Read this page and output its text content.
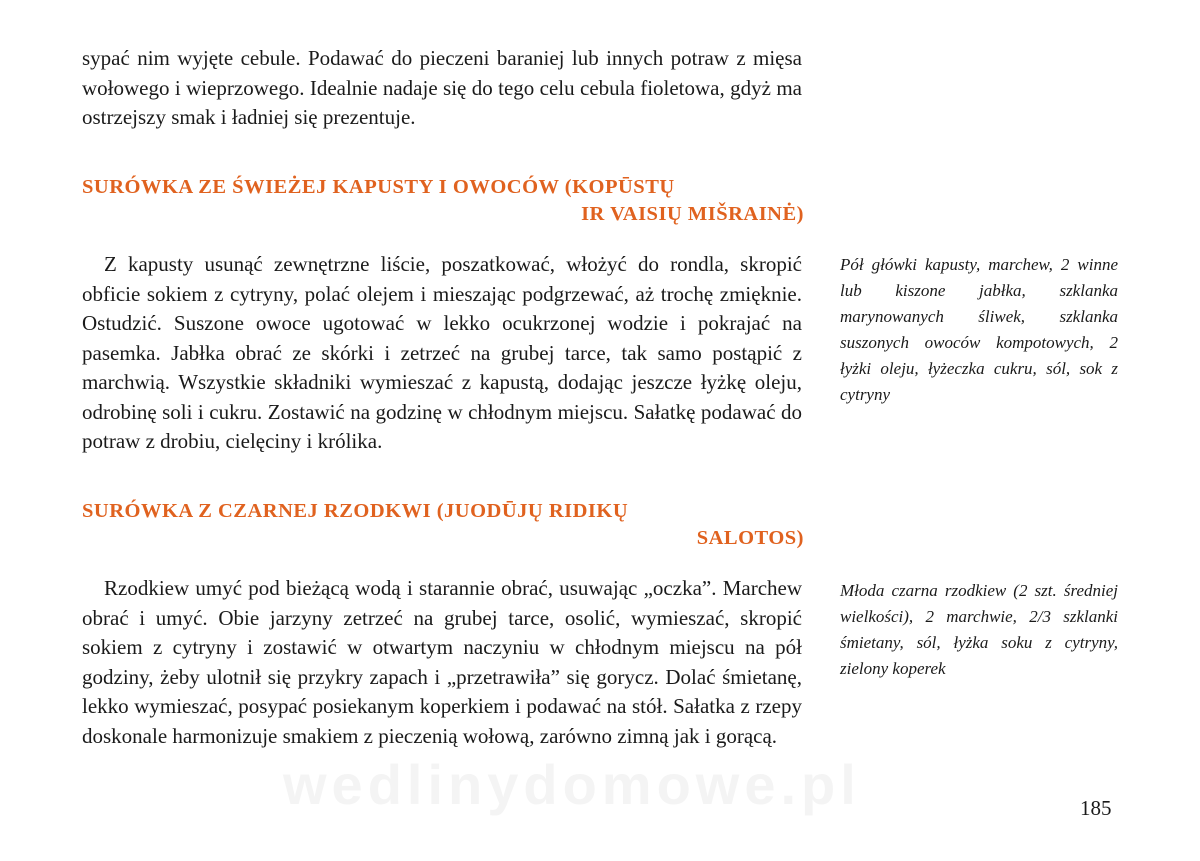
sypać nim wyjęte cebule. Podawać do pieczeni baraniej lub innych potraw z mięsa wołowego i wieprzowego. Idealnie nadaje się do tego celu cebula fioletowa, gdyż ma ostrzejszy smak i ładniej się prezentuje.

SURÓWKA ZE ŚWIEŻEJ KAPUSTY I OWOCÓW (KOPŪSTŲ
IR VAISIŲ MIŠRAINĖ)

Z kapusty usunąć zewnętrzne liście, poszatkować, włożyć do rondla, skropić obficie sokiem z cytryny, polać olejem i mieszając podgrzewać, aż trochę zmięknie. Ostudzić. Suszone owoce ugotować w lekko ocukrzonej wodzie i pokrajać na pasemka. Jabłka obrać ze skórki i zetrzeć na grubej tarce, tak samo postąpić z marchwią. Wszystkie składniki wymieszać z kapustą, dodając jeszcze łyżkę oleju, odrobinę soli i cukru. Zostawić na godzinę w chłodnym miejscu. Sałatkę podawać do potraw z drobiu, cielęciny i królika.

Pół główki kapusty, marchew, 2 winne lub kiszone jabłka, szklanka marynowanych śliwek, szklanka suszonych owoców kompotowych, 2 łyżki oleju, łyżeczka cukru, sól, sok z cytryny

SURÓWKA Z CZARNEJ RZODKWI (JUODŪJŲ RIDIKŲ
SALOTOS)

Rzodkiew umyć pod bieżącą wodą i starannie obrać, usuwając „oczka”. Marchew obrać i umyć. Obie jarzyny zetrzeć na grubej tarce, osolić, wymieszać, skropić sokiem z cytryny i zostawić w otwartym naczyniu w chłodnym miejscu na pół godziny, żeby ulotnił się przykry zapach i „przetrawiła” się gorycz. Dolać śmietanę, lekko wymieszać, posypać posiekanym koperkiem i podawać na stół. Sałatka z rzepy doskonale harmonizuje smakiem z pieczenią wołową, zarówno zimną jak i gorącą.

Młoda czarna rzodkiew (2 szt. średniej wielkości), 2 marchwie, 2/3 szklanki śmietany, sól, łyżka soku z cytryny, zielony koperek

wedlinydomowe.pl	185
